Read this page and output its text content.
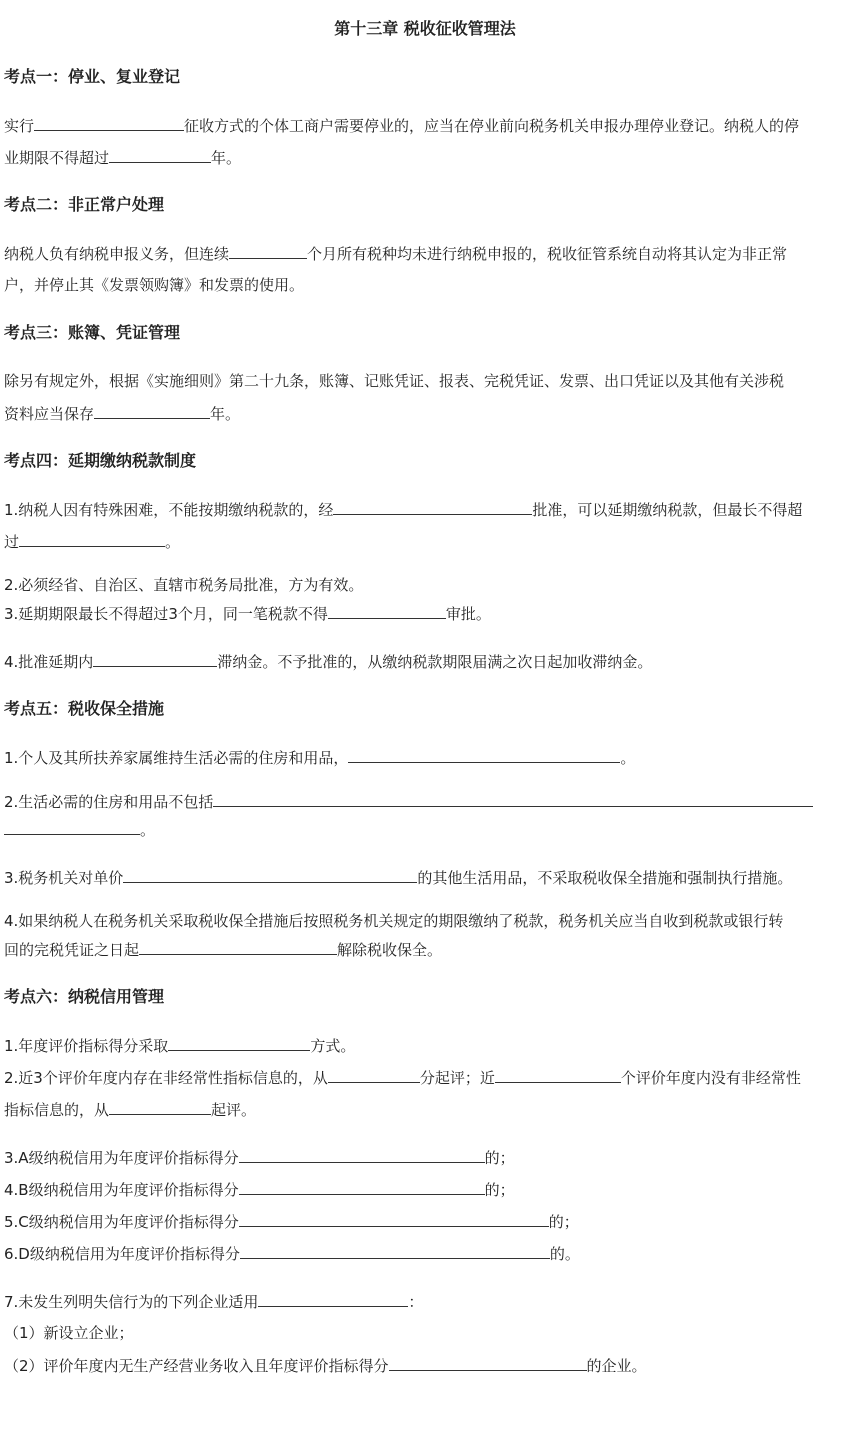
第十三章 税收征收管理法
考点一：停业、复业登记
实行	征收方式的个体工商户需要停业的，应当在停业前向税务机关申报办理停业登记。纳税人的停
业期限不得超过	年。
考点二：非正常户处理
纳税人负有纳税申报义务，但连续	个月所有税种均未进行纳税申报的，税收征管系统自动将其认定为非正常
户，并停止其《发票领购簿》和发票的使用。
考点三：账簿、凭证管理
除另有规定外，根据《实施细则》第二十九条，账簿、记账凭证、报表、完税凭证、发票、出口凭证以及其他有关涉税
资料应当保存	年。
考点四：延期缴纳税款制度
1.纳税人因有特殊困难，不能按期缴纳税款的，经	批准，可以延期缴纳税款，但最长不得超
过	。
2.必须经省、自治区、直辖市税务局批准，方为有效。
3.延期期限最长不得超过3个月，同一笔税款不得	审批。
4.批准延期内	滞纳金。不予批准的，从缴纳税款期限届满之次日起加收滞纳金。
考点五：税收保全措施
1.个人及其所扶养家属维持生活必需的住房和用品，	。
2.生活必需的住房和用品不包括
。
3.税务机关对单价	的其他生活用品，不采取税收保全措施和强制执行措施。
4.如果纳税人在税务机关采取税收保全措施后按照税务机关规定的期限缴纳了税款，税务机关应当自收到税款或银行转
回的完税凭证之日起	解除税收保全。
考点六：纳税信用管理
1.年度评价指标得分采取	方式。
2.近3个评价年度内存在非经常性指标信息的，从	分起评；近	个评价年度内没有非经常性
指标信息的，从	起评。
3.A级纳税信用为年度评价指标得分	的；
4.B级纳税信用为年度评价指标得分	的；
5.C级纳税信用为年度评价指标得分	的；
6.D级纳税信用为年度评价指标得分	的。
7.未发生列明失信行为的下列企业适用	：
（1）新设立企业；
（2）评价年度内无生产经营业务收入且年度评价指标得分	的企业。
